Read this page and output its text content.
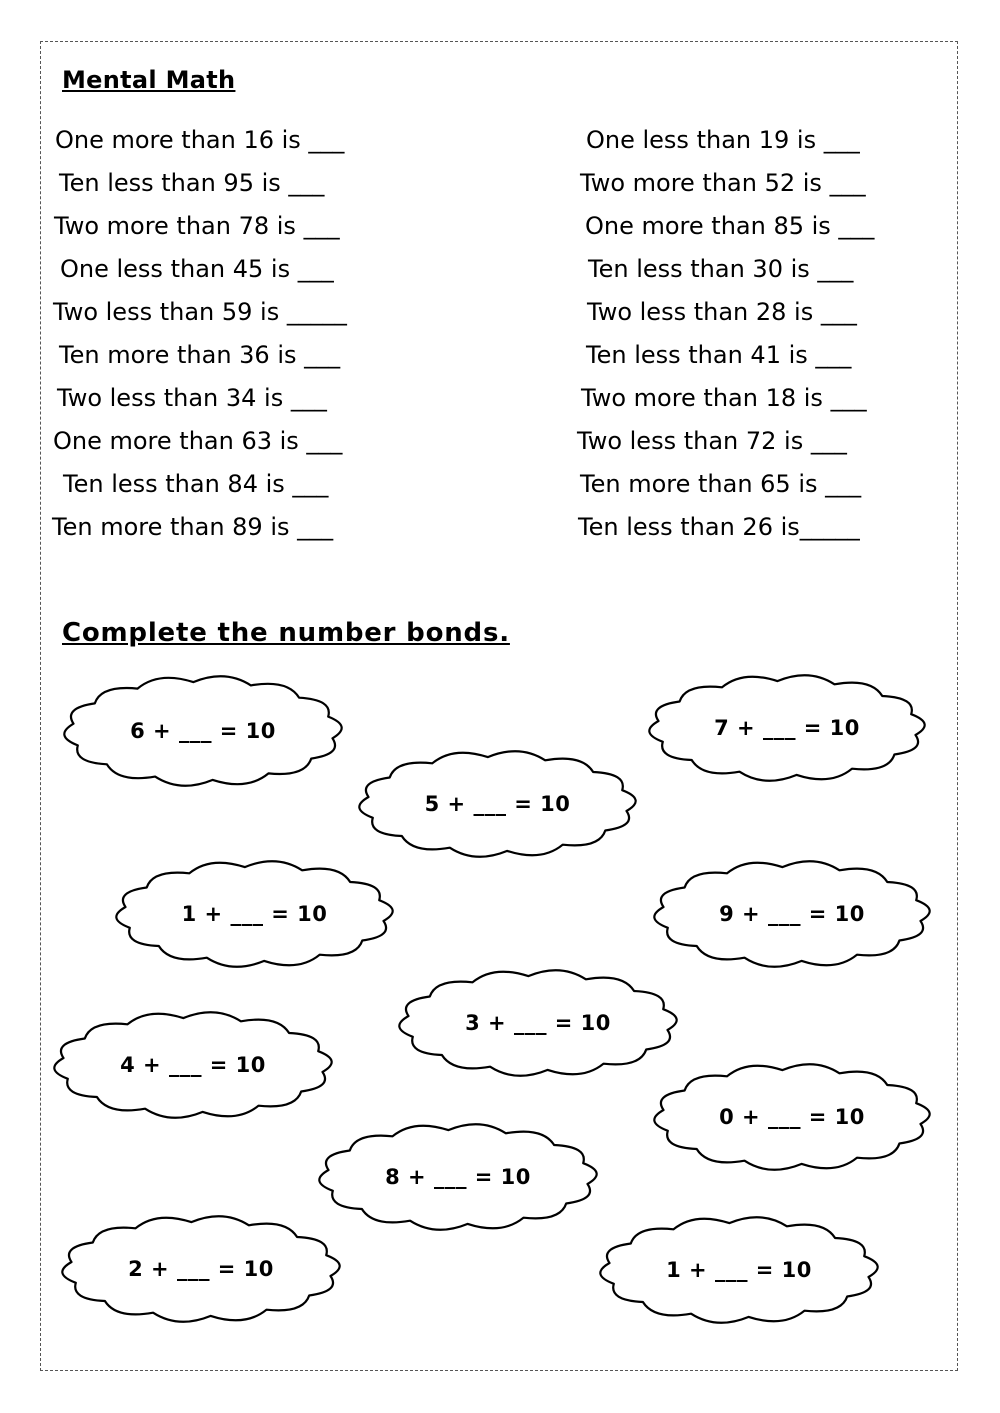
Mental Math
One more than 16 is ___
Ten less than 95 is ___
Two more than 78 is ___
One less than 45 is ___
Two less than 59 is _____
Ten more than 36 is ___
Two less than 34 is ___
One more than 63 is ___
Ten less than 84 is ___
Ten more than 89 is ___
One less than 19 is ___
Two more than 52 is ___
One more than 85 is ___
Ten less than 30 is ___
Two less than 28 is ___
Ten less than 41 is ___
Two more than 18 is ___
Two less than 72 is ___
Ten more than 65 is ___
Ten less than 26 is_____
Complete the number bonds.
6 + ___ = 10	7 + ___ = 10
5 + ___ = 10
1 + ___ = 10	9 + ___ = 10
3 + ___ = 10
4 + ___ = 10
0 + ___ = 10
8 + ___ = 10
2 + ___ = 10	1 + ___ = 10
